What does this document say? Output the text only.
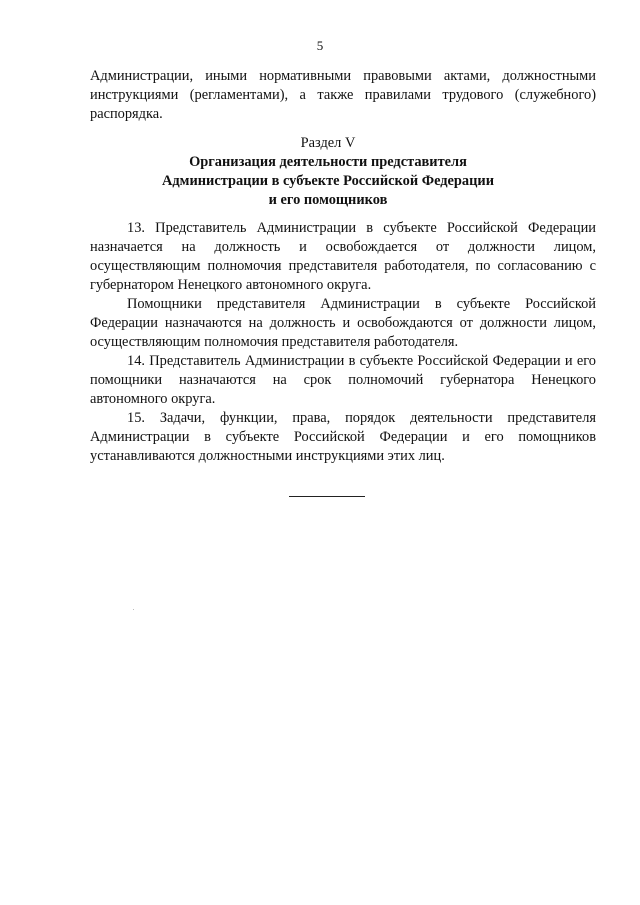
5

Администрации, иными нормативными правовыми актами, должностными инструкциями (регламентами), а также правилами трудового (служебного) распорядка.

Раздел V
Организация деятельности представителя
Администрации в субъекте Российской Федерации
и его помощников

13. Представитель Администрации в субъекте Российской Федерации назначается на должность и освобождается от должности лицом, осуществляющим полномочия представителя работодателя, по согласованию с губернатором Ненецкого автономного округа.

Помощники представителя Администрации в субъекте Российской Федерации назначаются на должность и освобождаются от должности лицом, осуществляющим полномочия представителя работодателя.

14. Представитель Администрации в субъекте Российской Федерации и его помощники назначаются на срок полномочий губернатора Ненецкого автономного округа.

15. Задачи, функции, права, порядок деятельности представителя Администрации в субъекте Российской Федерации и его помощников устанавливаются должностными инструкциями этих лиц.
